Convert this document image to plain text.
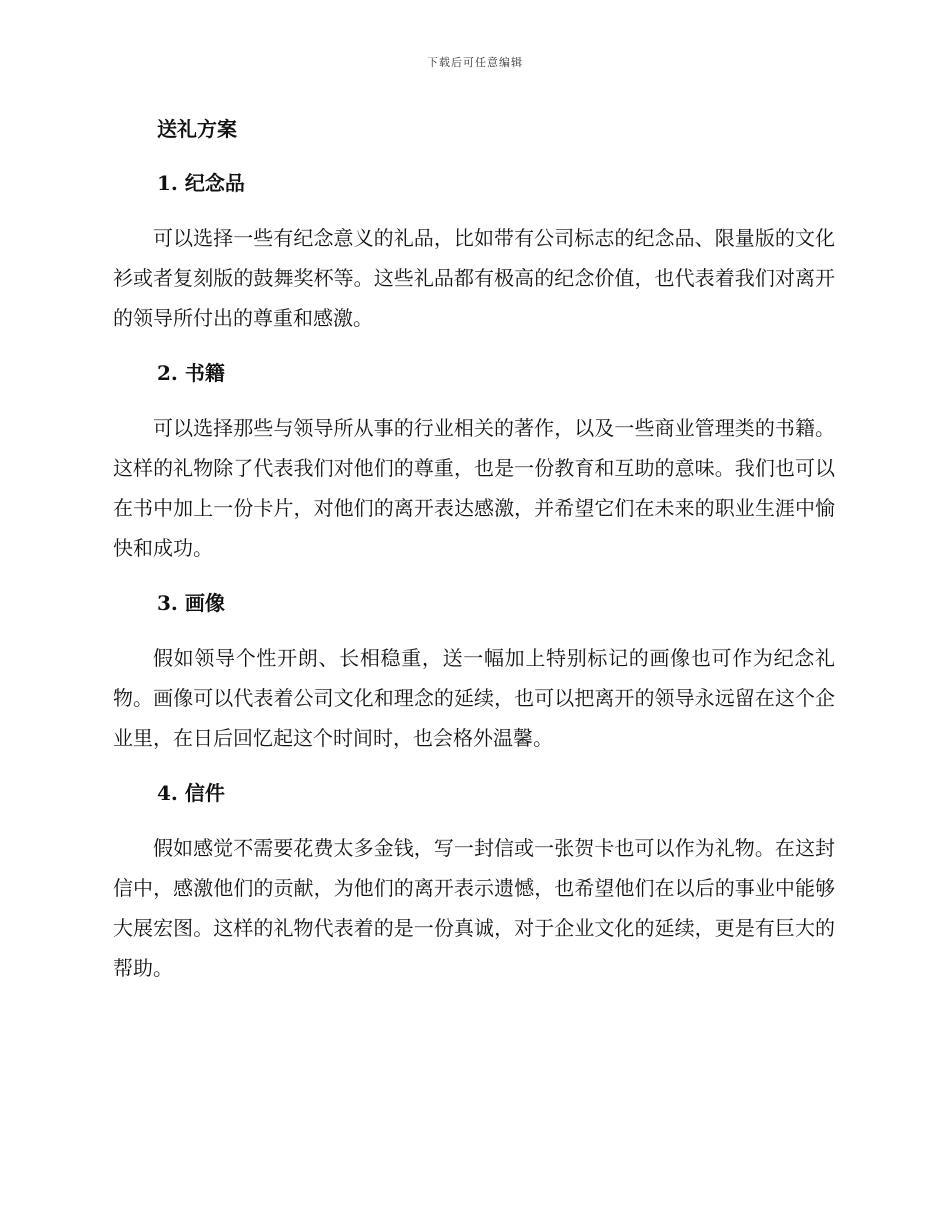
下载后可任意编辑
送礼方案
1. 纪念品

可以选择一些有纪念意义的礼品，比如带有公司标志的纪念品、限量版的文化衫或者复刻版的鼓舞奖杯等。这些礼品都有极高的纪念价值，也代表着我们对离开的领导所付出的尊重和感激。

2. 书籍

可以选择那些与领导所从事的行业相关的著作，以及一些商业管理类的书籍。这样的礼物除了代表我们对他们的尊重，也是一份教育和互助的意味。我们也可以在书中加上一份卡片，对他们的离开表达感激，并希望它们在未来的职业生涯中愉快和成功。

3. 画像

假如领导个性开朗、长相稳重，送一幅加上特别标记的画像也可作为纪念礼物。画像可以代表着公司文化和理念的延续，也可以把离开的领导永远留在这个企业里，在日后回忆起这个时间时，也会格外温馨。

4. 信件

假如感觉不需要花费太多金钱，写一封信或一张贺卡也可以作为礼物。在这封信中，感激他们的贡献，为他们的离开表示遗憾，也希望他们在以后的事业中能够大展宏图。这样的礼物代表着的是一份真诚，对于企业文化的延续，更是有巨大的帮助。
